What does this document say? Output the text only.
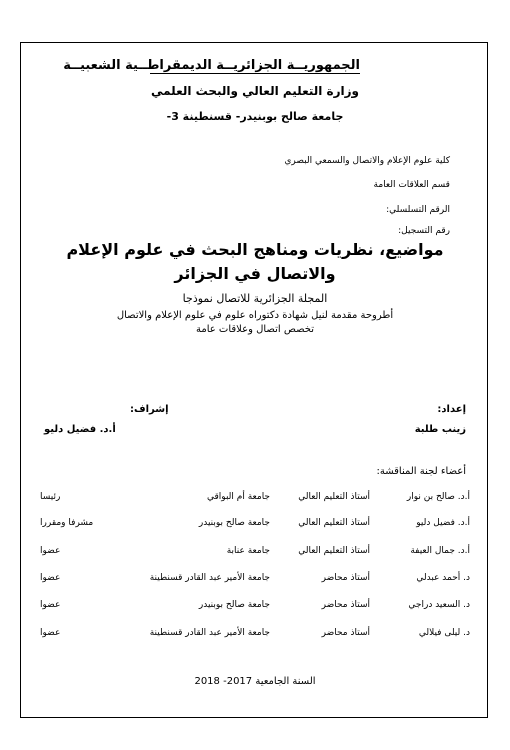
الجمهوريــة الجزائريــة الديمقراطــية الشعبيــة
وزارة التعليم العالي والبحث العلمي
جامعة صالح بوبنيدر- قسنطينة 3-
كلية علوم الإعلام والاتصال والسمعي البصري
قسم العلاقات العامة
الرقم التسلسلي:
رقم التسجيل:
مواضيع، نظريات ومناهج البحث في علوم الإعلام والاتصال في الجزائر
المجلة الجزائرية للاتصال نموذجا
أطروحة مقدمة لنيل شهادة دكتوراه علوم في علوم الإعلام والاتصال
تخصص اتصال وعلاقات عامة
إعداد:
زينب طلبة
إشراف:
أ.د. فضيل دليو
أعضاء لجنة المناقشة:
أ.د. صالح بن نوار
أستاذ التعليم العالي
جامعة أم البواقي
رئيسا
أ.د. فضيل دليو
أستاذ التعليم العالي
جامعة صالح بوبنيدر
مشرفا ومقررا
أ.د. جمال العيفة
أستاذ التعليم العالي
جامعة عنابة
عضوا
د. أحمد عبدلي
أستاذ محاضر
جامعة الأمير عبد القادر قسنطينة
عضوا
د. السعيد دراجي
أستاذ محاضر
جامعة صالح بوبنيدر
عضوا
د. ليلى فيلالي
أستاذ محاضر
جامعة الأمير عبد القادر قسنطينة
عضوا
السنة الجامعية 2017- 2018
